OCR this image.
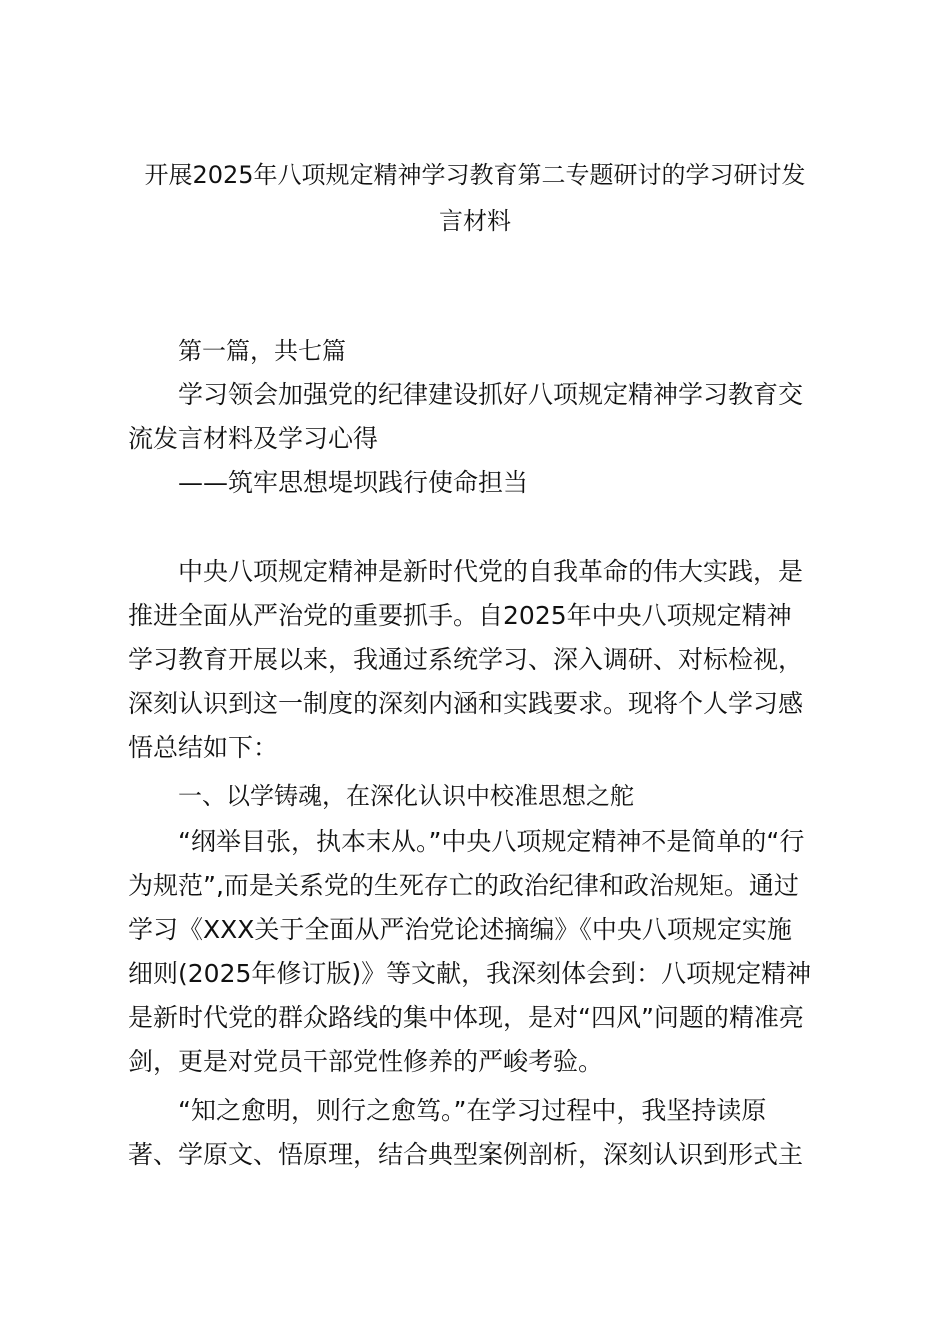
开展2025年八项规定精神学习教育第二专题研讨的学习研讨发
言材料
第一篇，共七篇
学习领会加强党的纪律建设抓好八项规定精神学习教育交
流发言材料及学习心得
——筑牢思想堤坝践行使命担当
中央八项规定精神是新时代党的自我革命的伟大实践，是
推进全面从严治党的重要抓手。自2025年中央八项规定精神
学习教育开展以来，我通过系统学习、深入调研、对标检视，
深刻认识到这一制度的深刻内涵和实践要求。现将个人学习感
悟总结如下：
一、以学铸魂，在深化认识中校准思想之舵
“纲举目张，执本末从。”中央八项规定精神不是简单的“行
为规范”,而是关系党的生死存亡的政治纪律和政治规矩。通过
学习《XXX关于全面从严治党论述摘编》《中央八项规定实施
细则(2025年修订版)》等文献，我深刻体会到：八项规定精神
是新时代党的群众路线的集中体现，是对“四风”问题的精准亮
剑，更是对党员干部党性修养的严峻考验。
“知之愈明，则行之愈笃。”在学习过程中，我坚持读原
著、学原文、悟原理，结合典型案例剖析，深刻认识到形式主
